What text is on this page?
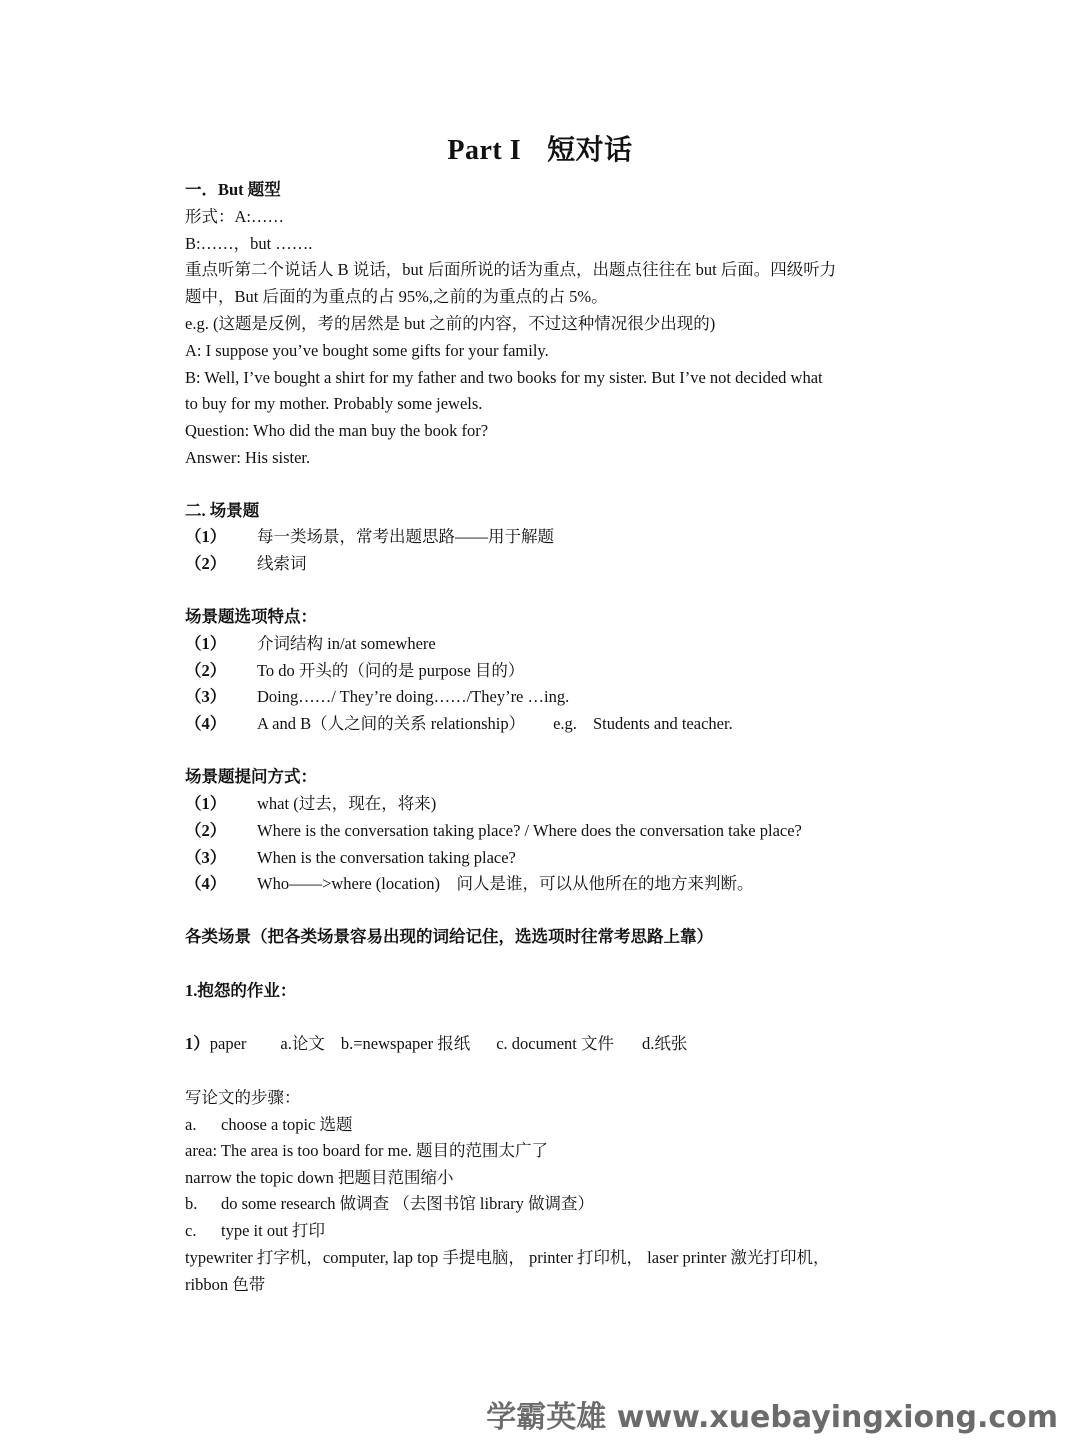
Part I 短对话
一．But 题型
形式：A:……
B:……，but …….
重点听第二个说话人 B 说话，but 后面所说的话为重点，出题点往往在 but 后面。四级听力
题中，But 后面的为重点的占 95%,之前的为重点的占 5%。
e.g. (这题是反例，考的居然是 but 之前的内容，不过这种情况很少出现的)
A: I suppose you’ve bought some gifts for your family.
B: Well, I’ve bought a shirt for my father and two books for my sister. But I’ve not decided what
to buy for my mother. Probably some jewels.
Question: Who did the man buy the book for?
Answer: His sister.
二. 场景题
（1） 每一类场景，常考出题思路——用于解题
（2） 线索词
场景题选项特点：
（1） 介词结构 in/at somewhere
（2） To do 开头的（问的是 purpose 目的）
（3） Doing……/ They’re doing……/They’re …ing.
（4） A and B（人之间的关系 relationship） e.g. Students and teacher.
场景题提问方式：
（1） what (过去，现在，将来)
（2） Where is the conversation taking place? / Where does the conversation take place?
（3） When is the conversation taking place?
（4） Who——>where (location)　问人是谁，可以从他所在的地方来判断。
各类场景（把各类场景容易出现的词给记住，选选项时往常考思路上靠）
1.抱怨的作业：
1）paper a.论文 b.=newspaper 报纸 c. document 文件 d.纸张
写论文的步骤：
a. choose a topic 选题
area: The area is too board for me. 题目的范围太广了
narrow the topic down 把题目范围缩小
b. do some research 做调查 （去图书馆 library 做调查）
c. type it out 打印
typewriter 打字机，computer, lap top 手提电脑， printer 打印机， laser printer 激光打印机，
ribbon 色带
学霸英雄 www.xuebayingxiong.com
